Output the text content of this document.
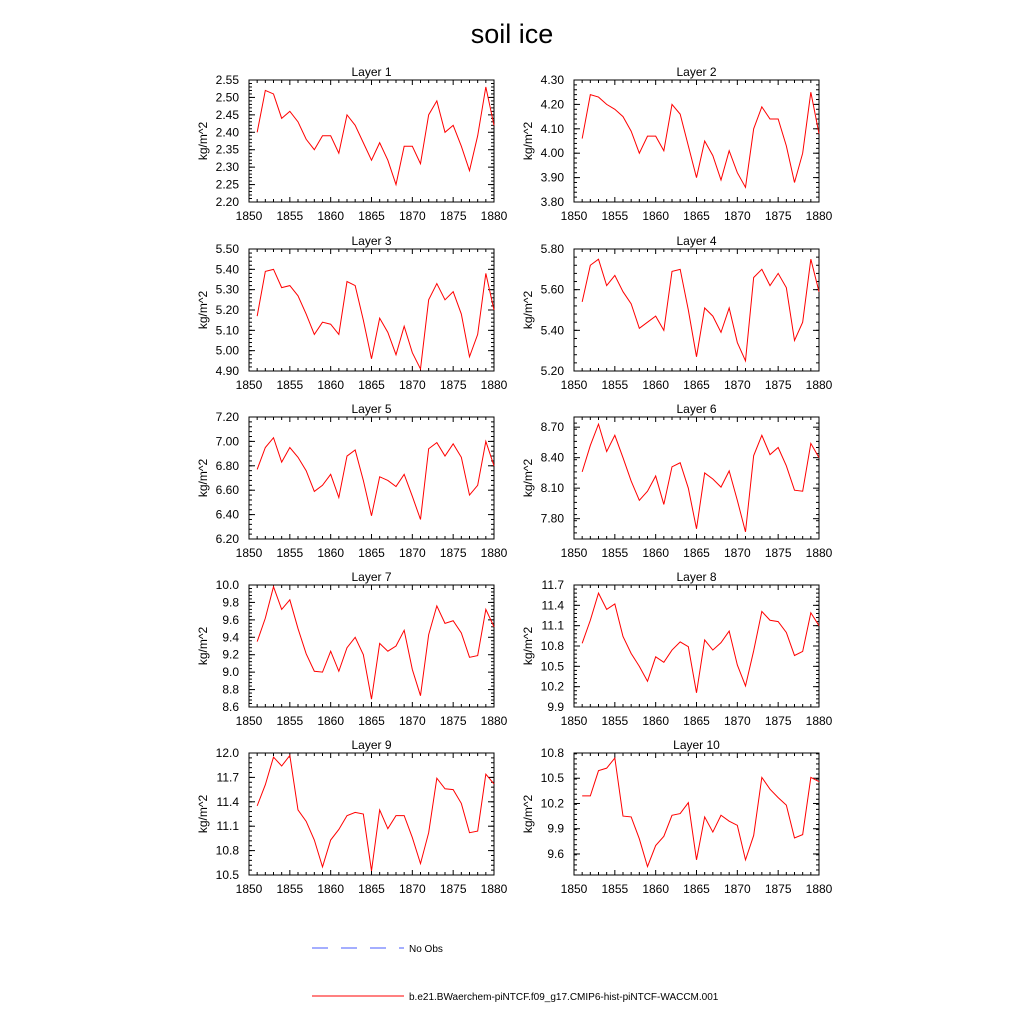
soil ice
Layer 1
kg/m^2
1850 1855 1860 1865 1870 1875 1880
2.20
2.25
2.30
2.35
2.40
2.45
2.50
2.55
Layer 2
kg/m^2
1850 1855 1860 1865 1870 1875 1880
3.80
3.90
4.00
4.10
4.20
4.30
Layer 3
kg/m^2
1850 1855 1860 1865 1870 1875 1880
4.90
5.00
5.10
5.20
5.30
5.40
5.50
Layer 4
kg/m^2
1850 1855 1860 1865 1870 1875 1880
5.20
5.40
5.60
5.80
Layer 5
kg/m^2
1850 1855 1860 1865 1870 1875 1880
6.20
6.40
6.60
6.80
7.00
7.20
Layer 6
kg/m^2
1850 1855 1860 1865 1870 1875 1880
7.80
8.10
8.40
8.70
Layer 7
kg/m^2
1850 1855 1860 1865 1870 1875 1880
8.6
8.8
9.0
9.2
9.4
9.6
9.8
10.0
Layer 8
kg/m^2
1850 1855 1860 1865 1870 1875 1880
9.9
10.2
10.5
10.8
11.1
11.4
11.7
Layer 9
kg/m^2
1850 1855 1860 1865 1870 1875 1880
10.5
10.8
11.1
11.4
11.7
12.0
Layer 10
kg/m^2
1850 1855 1860 1865 1870 1875 1880
9.6
9.9
10.2
10.5
10.8
No Obs
b.e21.BWaerchem-piNTCF.f09_g17.CMIP6-hist-piNTCF-WACCM.001
